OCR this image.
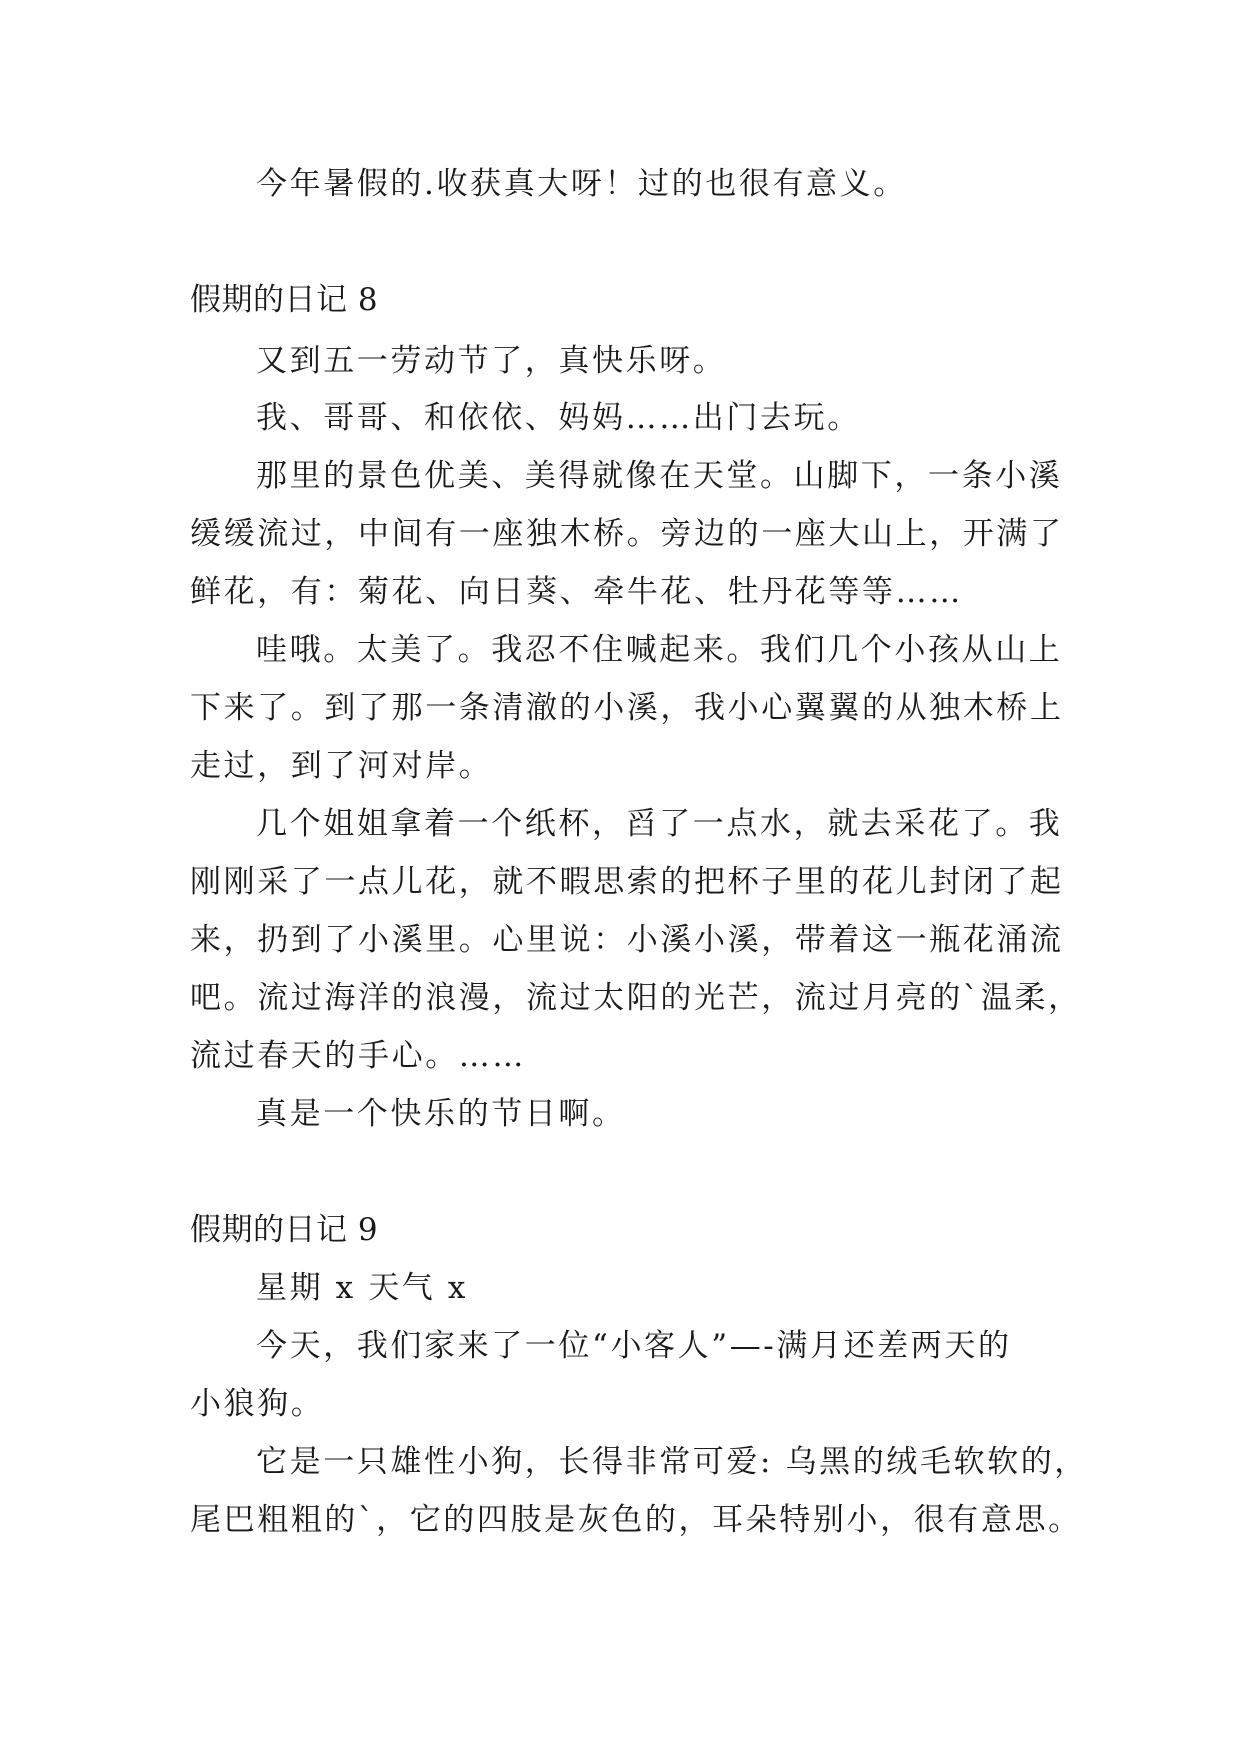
今年暑假的.收获真大呀！过的也很有意义。
假期的日记 8
又到五一劳动节了，真快乐呀。
我、哥哥、和依依、妈妈……出门去玩。
那里的景色优美、美得就像在天堂。山脚下，一条小溪
缓缓流过，中间有一座独木桥。旁边的一座大山上，开满了
鲜花，有：菊花、向日葵、牵牛花、牡丹花等等……
哇哦。太美了。我忍不住喊起来。我们几个小孩从山上
下来了。到了那一条清澈的小溪，我小心翼翼的从独木桥上
走过，到了河对岸。
几个姐姐拿着一个纸杯，舀了一点水，就去采花了。我
刚刚采了一点儿花，就不暇思索的把杯子里的花儿封闭了起
来，扔到了小溪里。心里说：小溪小溪，带着这一瓶花涌流
吧。流过海洋的浪漫，流过太阳的光芒，流过月亮的`温柔，
流过春天的手心。……
真是一个快乐的节日啊。
假期的日记 9
星期 x 天气 x
今天，我们家来了一位“小客人”—-满月还差两天的
小狼狗。
它是一只雄性小狗，长得非常可爱: 乌黑的绒毛软软的，
尾巴粗粗的`，它的四肢是灰色的，耳朵特别小，很有意思。
